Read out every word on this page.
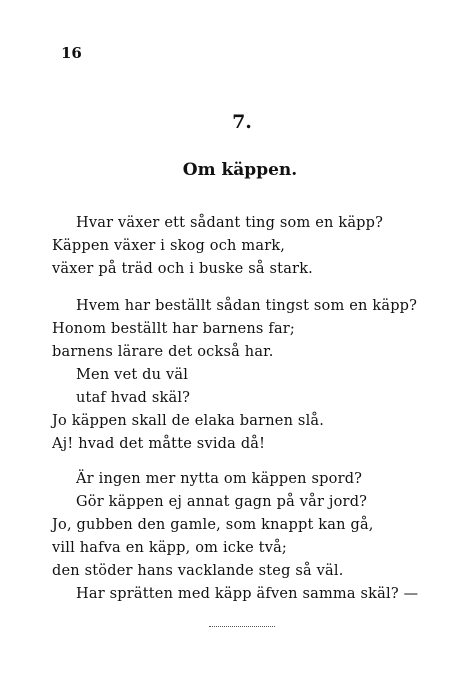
16
7.
Om käppen.
Hvar växer ett sådant ting som en käpp?
Käppen växer i skog och mark,
växer på träd och i buske så stark.
Hvem har beställt sådan tingst som en käpp?
Honom beställt har barnens far;
barnens lärare det också har.
Men vet du väl
utaf hvad skäl?
Jo käppen skall de elaka barnen slå.
Aj! hvad det måtte svida då!
Är ingen mer nytta om käppen spord?
Gör käppen ej annat gagn på vår jord?
Jo, gubben den gamle, som knappt kan gå,
vill hafva en käpp, om icke två;
den stöder hans vacklande steg så väl.
Har sprätten med käpp äfven samma skäl? —
